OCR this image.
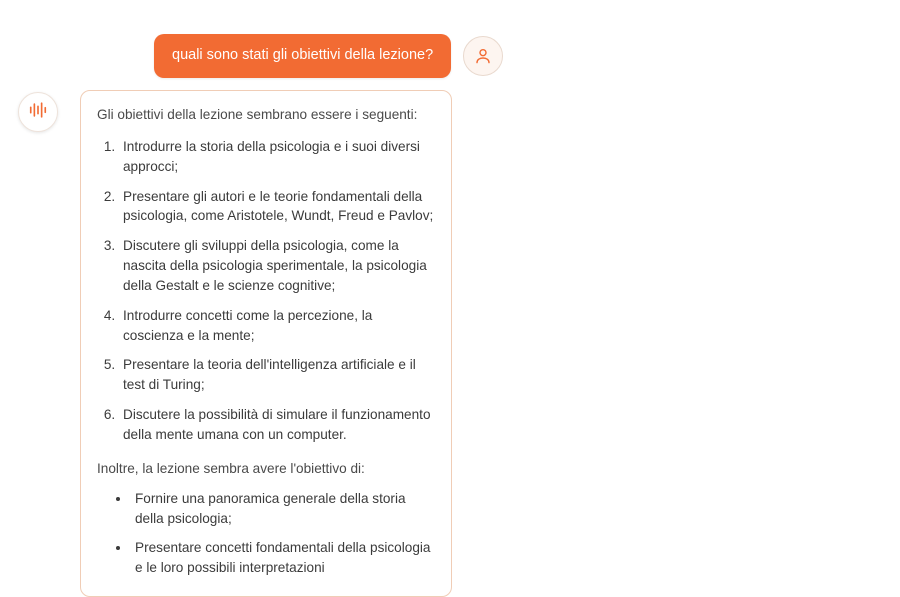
quali sono stati gli obiettivi della lezione?

Gli obiettivi della lezione sembrano essere i seguenti:

1. Introdurre la storia della psicologia e i suoi diversi approcci;
2. Presentare gli autori e le teorie fondamentali della psicologia, come Aristotele, Wundt, Freud e Pavlov;
3. Discutere gli sviluppi della psicologia, come la nascita della psicologia sperimentale, la psicologia della Gestalt e le scienze cognitive;
4. Introdurre concetti come la percezione, la coscienza e la mente;
5. Presentare la teoria dell'intelligenza artificiale e il test di Turing;
6. Discutere la possibilità di simulare il funzionamento della mente umana con un computer.

Inoltre, la lezione sembra avere l'obiettivo di:

• Fornire una panoramica generale della storia della psicologia;
• Presentare concetti fondamentali della psicologia e le loro possibili interpretazioni
